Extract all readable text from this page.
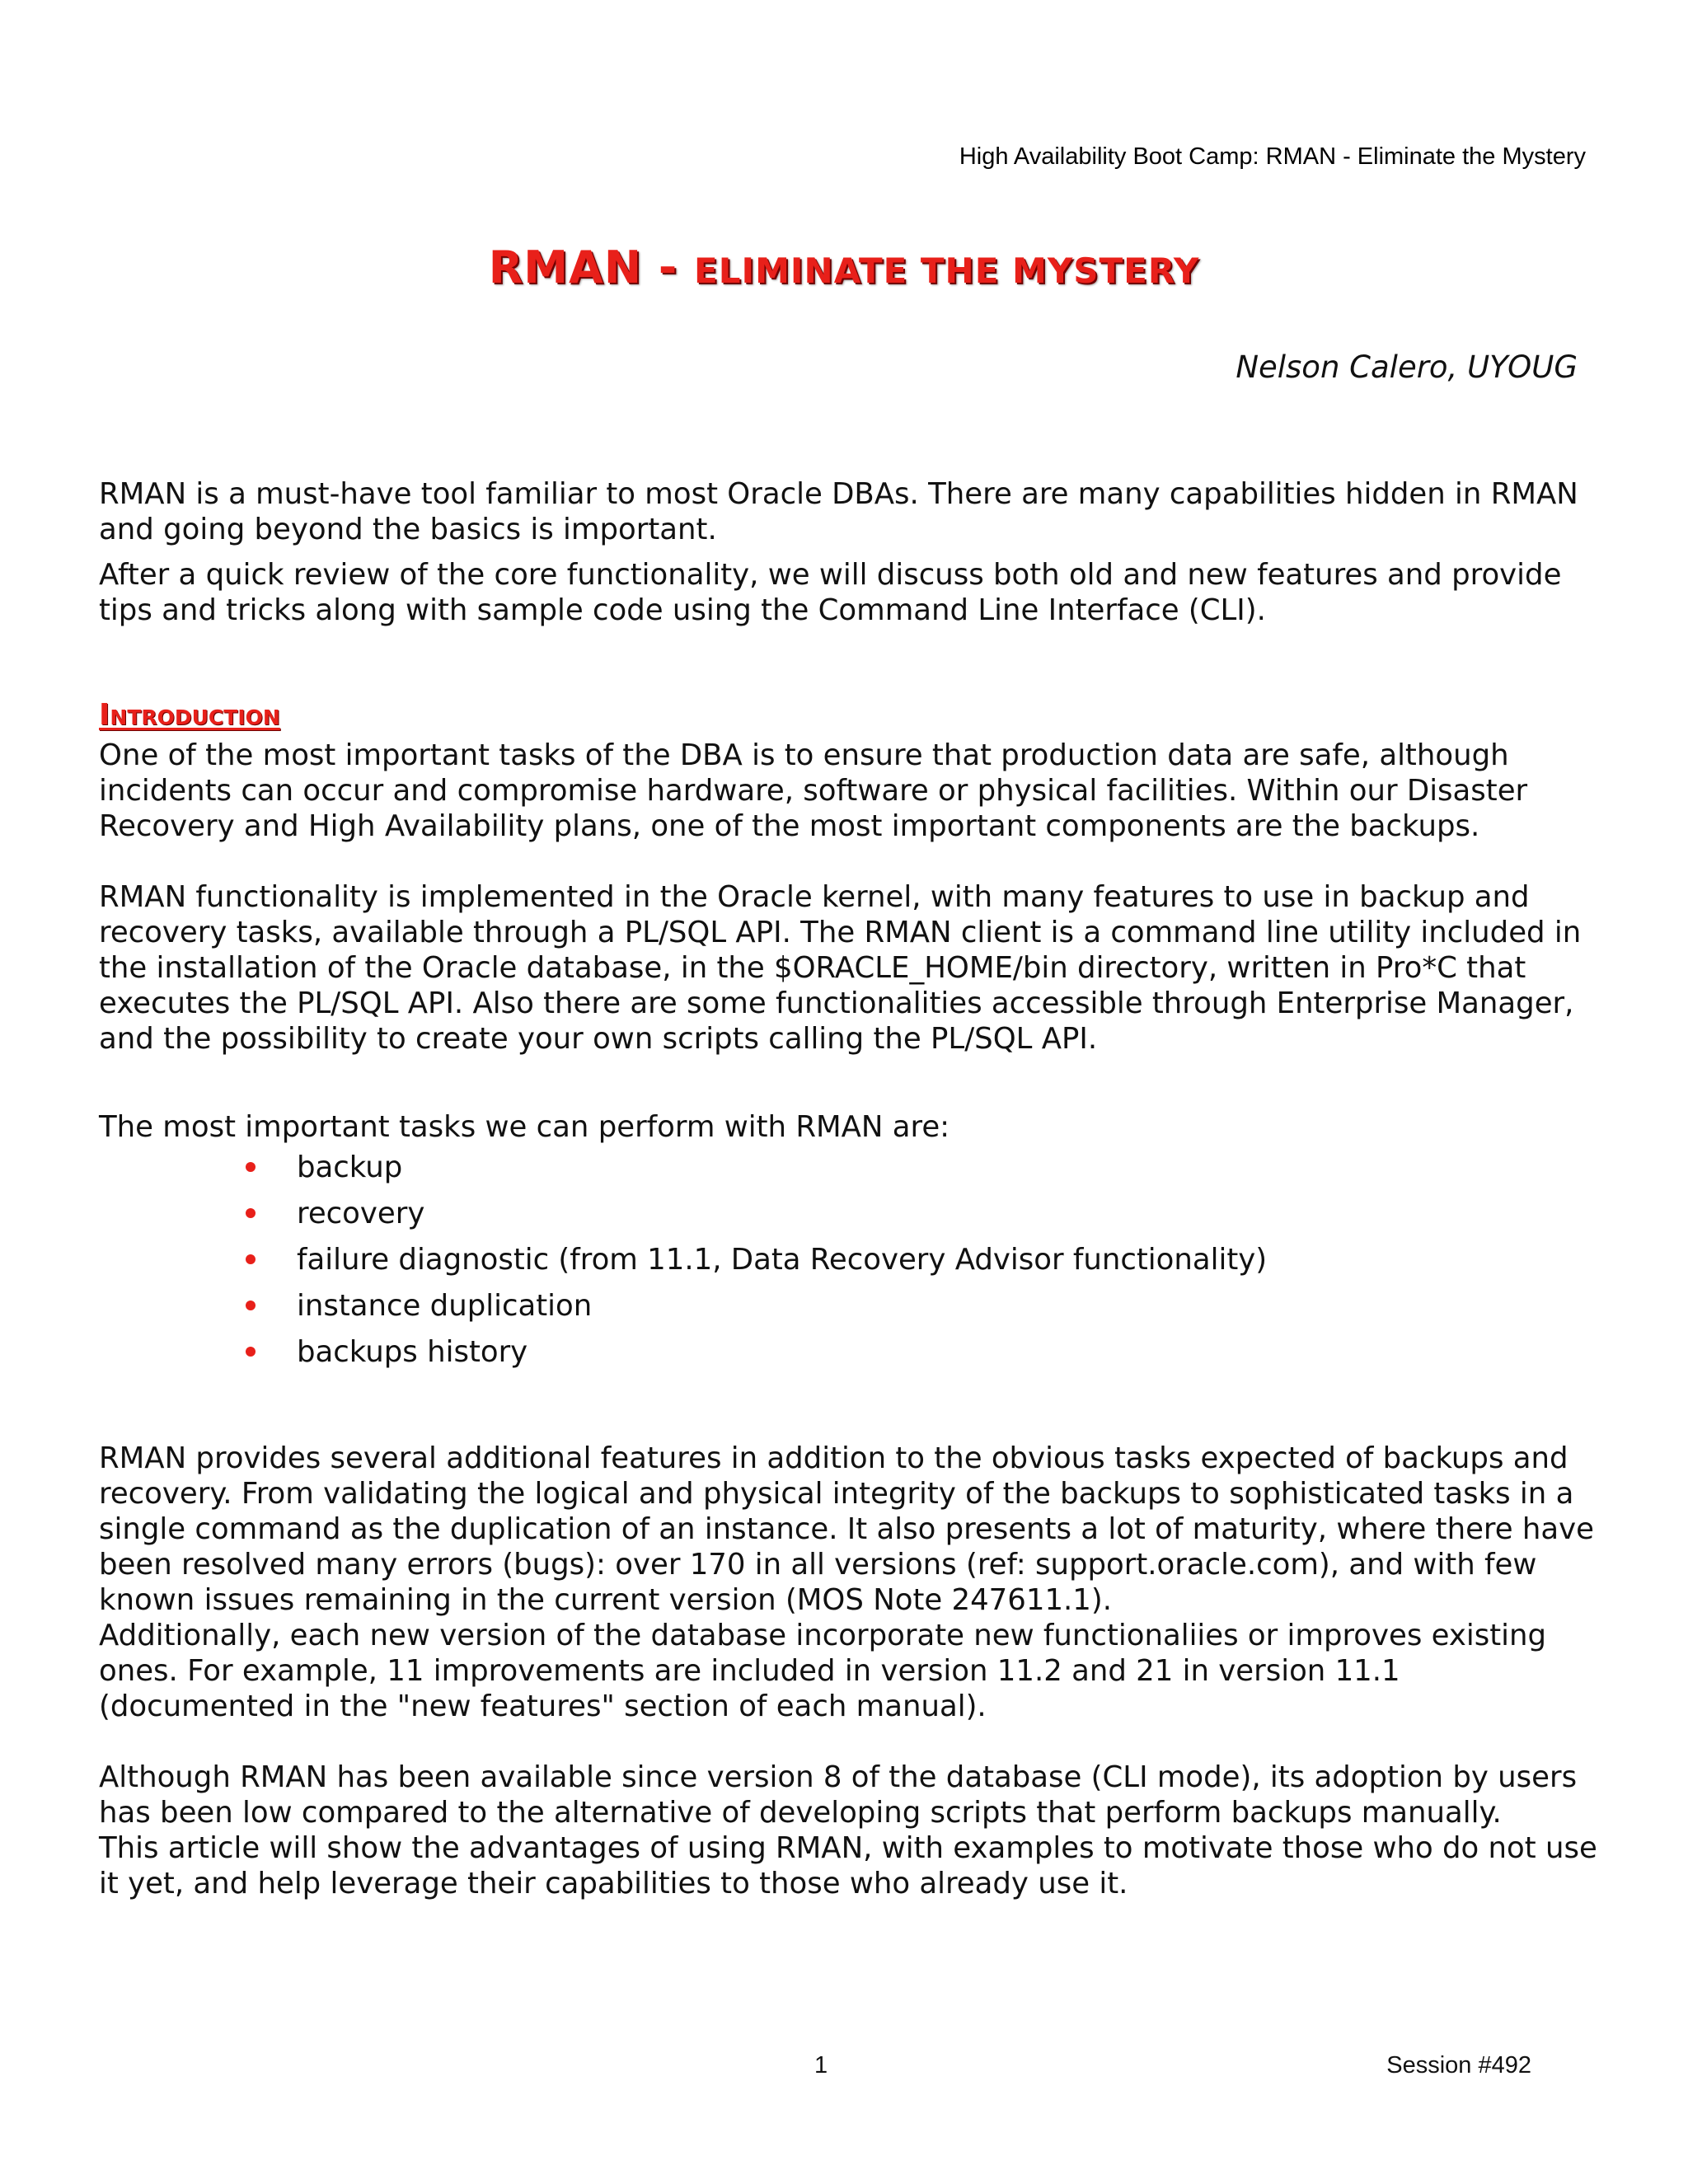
High Availability Boot Camp: RMAN - Eliminate the Mystery
RMAN - ELIMINATE THE MYSTERY
Nelson Calero, UYOUG

RMAN is a must-have tool familiar to most Oracle DBAs. There are many capabilities hidden in RMAN and going beyond the basics is important.

After a quick review of the core functionality, we will discuss both old and new features and provide tips and tricks along with sample code using the Command Line Interface (CLI).

Introduction

One of the most important tasks of the DBA is to ensure that production data are safe, although incidents can occur and compromise hardware, software or physical facilities. Within our Disaster Recovery and High Availability plans, one of the most important components are the backups.

RMAN functionality is implemented in the Oracle kernel, with many features to use in backup and recovery tasks, available through a PL/SQL API. The RMAN client is a command line utility included in the installation of the Oracle database, in the $ORACLE_HOME/bin directory, written in Pro*C that executes the PL/SQL API. Also there are some functionalities accessible through Enterprise Manager, and the possibility to create your own scripts calling the PL/SQL API.

The most important tasks we can perform with RMAN are:

backup
recovery
failure diagnostic (from 11.1, Data Recovery Advisor functionality)
instance duplication
backups history

RMAN provides several additional features in addition to the obvious tasks expected of backups and recovery. From validating the logical and physical integrity of the backups to sophisticated tasks in a single command as the duplication of an instance. It also presents a lot of maturity, where there have been resolved many errors (bugs): over 170 in all versions (ref: support.oracle.com), and with few known issues remaining in the current version (MOS Note 247611.1).

Additionally, each new version of the database incorporate new functionaliies or improves existing ones. For example, 11 improvements are included in version 11.2 and 21 in version 11.1 (documented in the "new features" section of each manual).

Although RMAN has been available since version 8 of the database (CLI mode), its adoption by users has been low compared to the alternative of developing scripts that perform backups manually.

This article will show the advantages of using RMAN, with examples to motivate those who do not use it yet, and help leverage their capabilities to those who already use it.

1	Session #492
